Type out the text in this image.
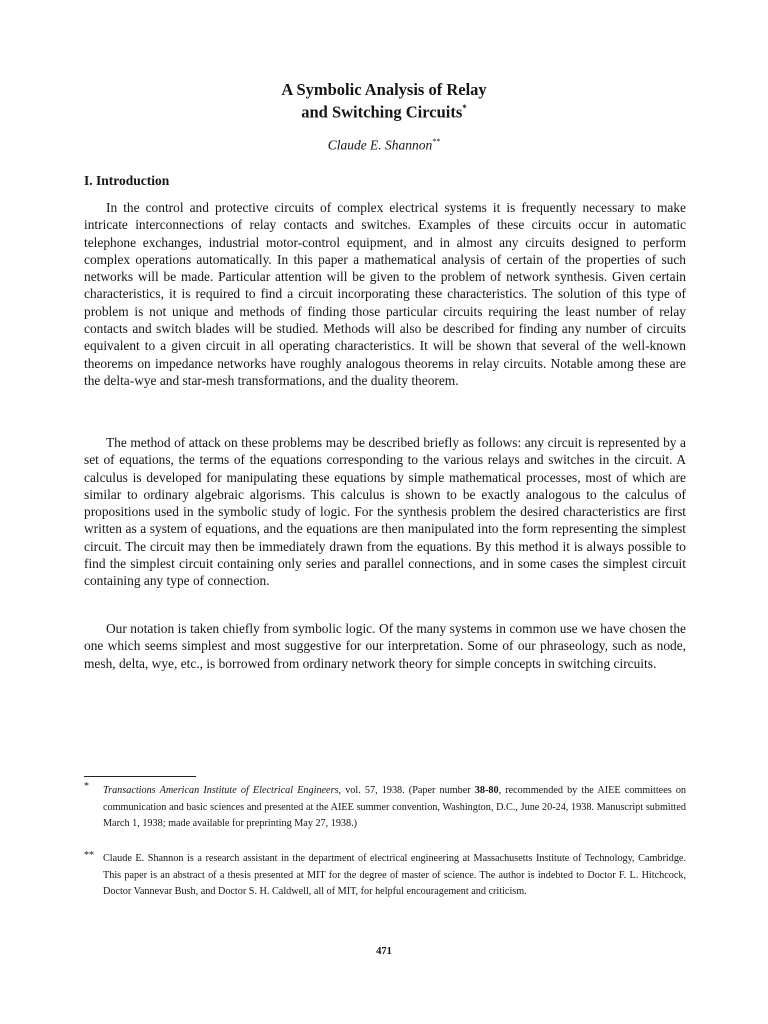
A Symbolic Analysis of Relay
and Switching Circuits*
Claude E. Shannon**
I. Introduction

In the control and protective circuits of complex electrical systems it is frequently necessary to make intricate interconnections of relay contacts and switches. Examples of these circuits occur in automatic telephone exchanges, industrial motor-control equipment, and in almost any circuits designed to perform complex operations automatically. In this paper a mathematical analysis of certain of the properties of such networks will be made. Particular attention will be given to the problem of network synthesis. Given certain characteristics, it is required to find a circuit incorporating these characteristics. The solution of this type of problem is not unique and methods of finding those particular circuits requiring the least number of relay contacts and switch blades will be studied. Methods will also be described for finding any number of circuits equivalent to a given circuit in all operating characteristics. It will be shown that several of the well-known theorems on impedance networks have roughly analogous theorems in relay circuits. Notable among these are the delta-wye and star-mesh transformations, and the duality theorem.

The method of attack on these problems may be described briefly as follows: any circuit is represented by a set of equations, the terms of the equations corresponding to the various relays and switches in the circuit. A calculus is developed for manipulating these equations by simple mathematical processes, most of which are similar to ordinary algebraic algorisms. This calculus is shown to be exactly analogous to the calculus of propositions used in the symbolic study of logic. For the synthesis problem the desired characteristics are first written as a system of equations, and the equations are then manipulated into the form representing the simplest circuit. The circuit may then be immediately drawn from the equations. By this method it is always possible to find the simplest circuit containing only series and parallel connections, and in some cases the simplest circuit containing any type of connection.

Our notation is taken chiefly from symbolic logic. Of the many systems in common use we have chosen the one which seems simplest and most suggestive for our interpretation. Some of our phraseology, such as node, mesh, delta, wye, etc., is borrowed from ordinary network theory for simple concepts in switching circuits.

* Transactions American Institute of Electrical Engineers, vol. 57, 1938. (Paper number 38-80, recommended by the AIEE committees on communication and basic sciences and presented at the AIEE summer convention, Washington, D.C., June 20-24, 1938. Manuscript submitted March 1, 1938; made available for preprinting May 27, 1938.)

** Claude E. Shannon is a research assistant in the department of electrical engineering at Massachusetts Institute of Technology, Cambridge. This paper is an abstract of a thesis presented at MIT for the degree of master of science. The author is indebted to Doctor F. L. Hitchcock, Doctor Vannevar Bush, and Doctor S. H. Caldwell, all of MIT, for helpful encouragement and criticism.

471
